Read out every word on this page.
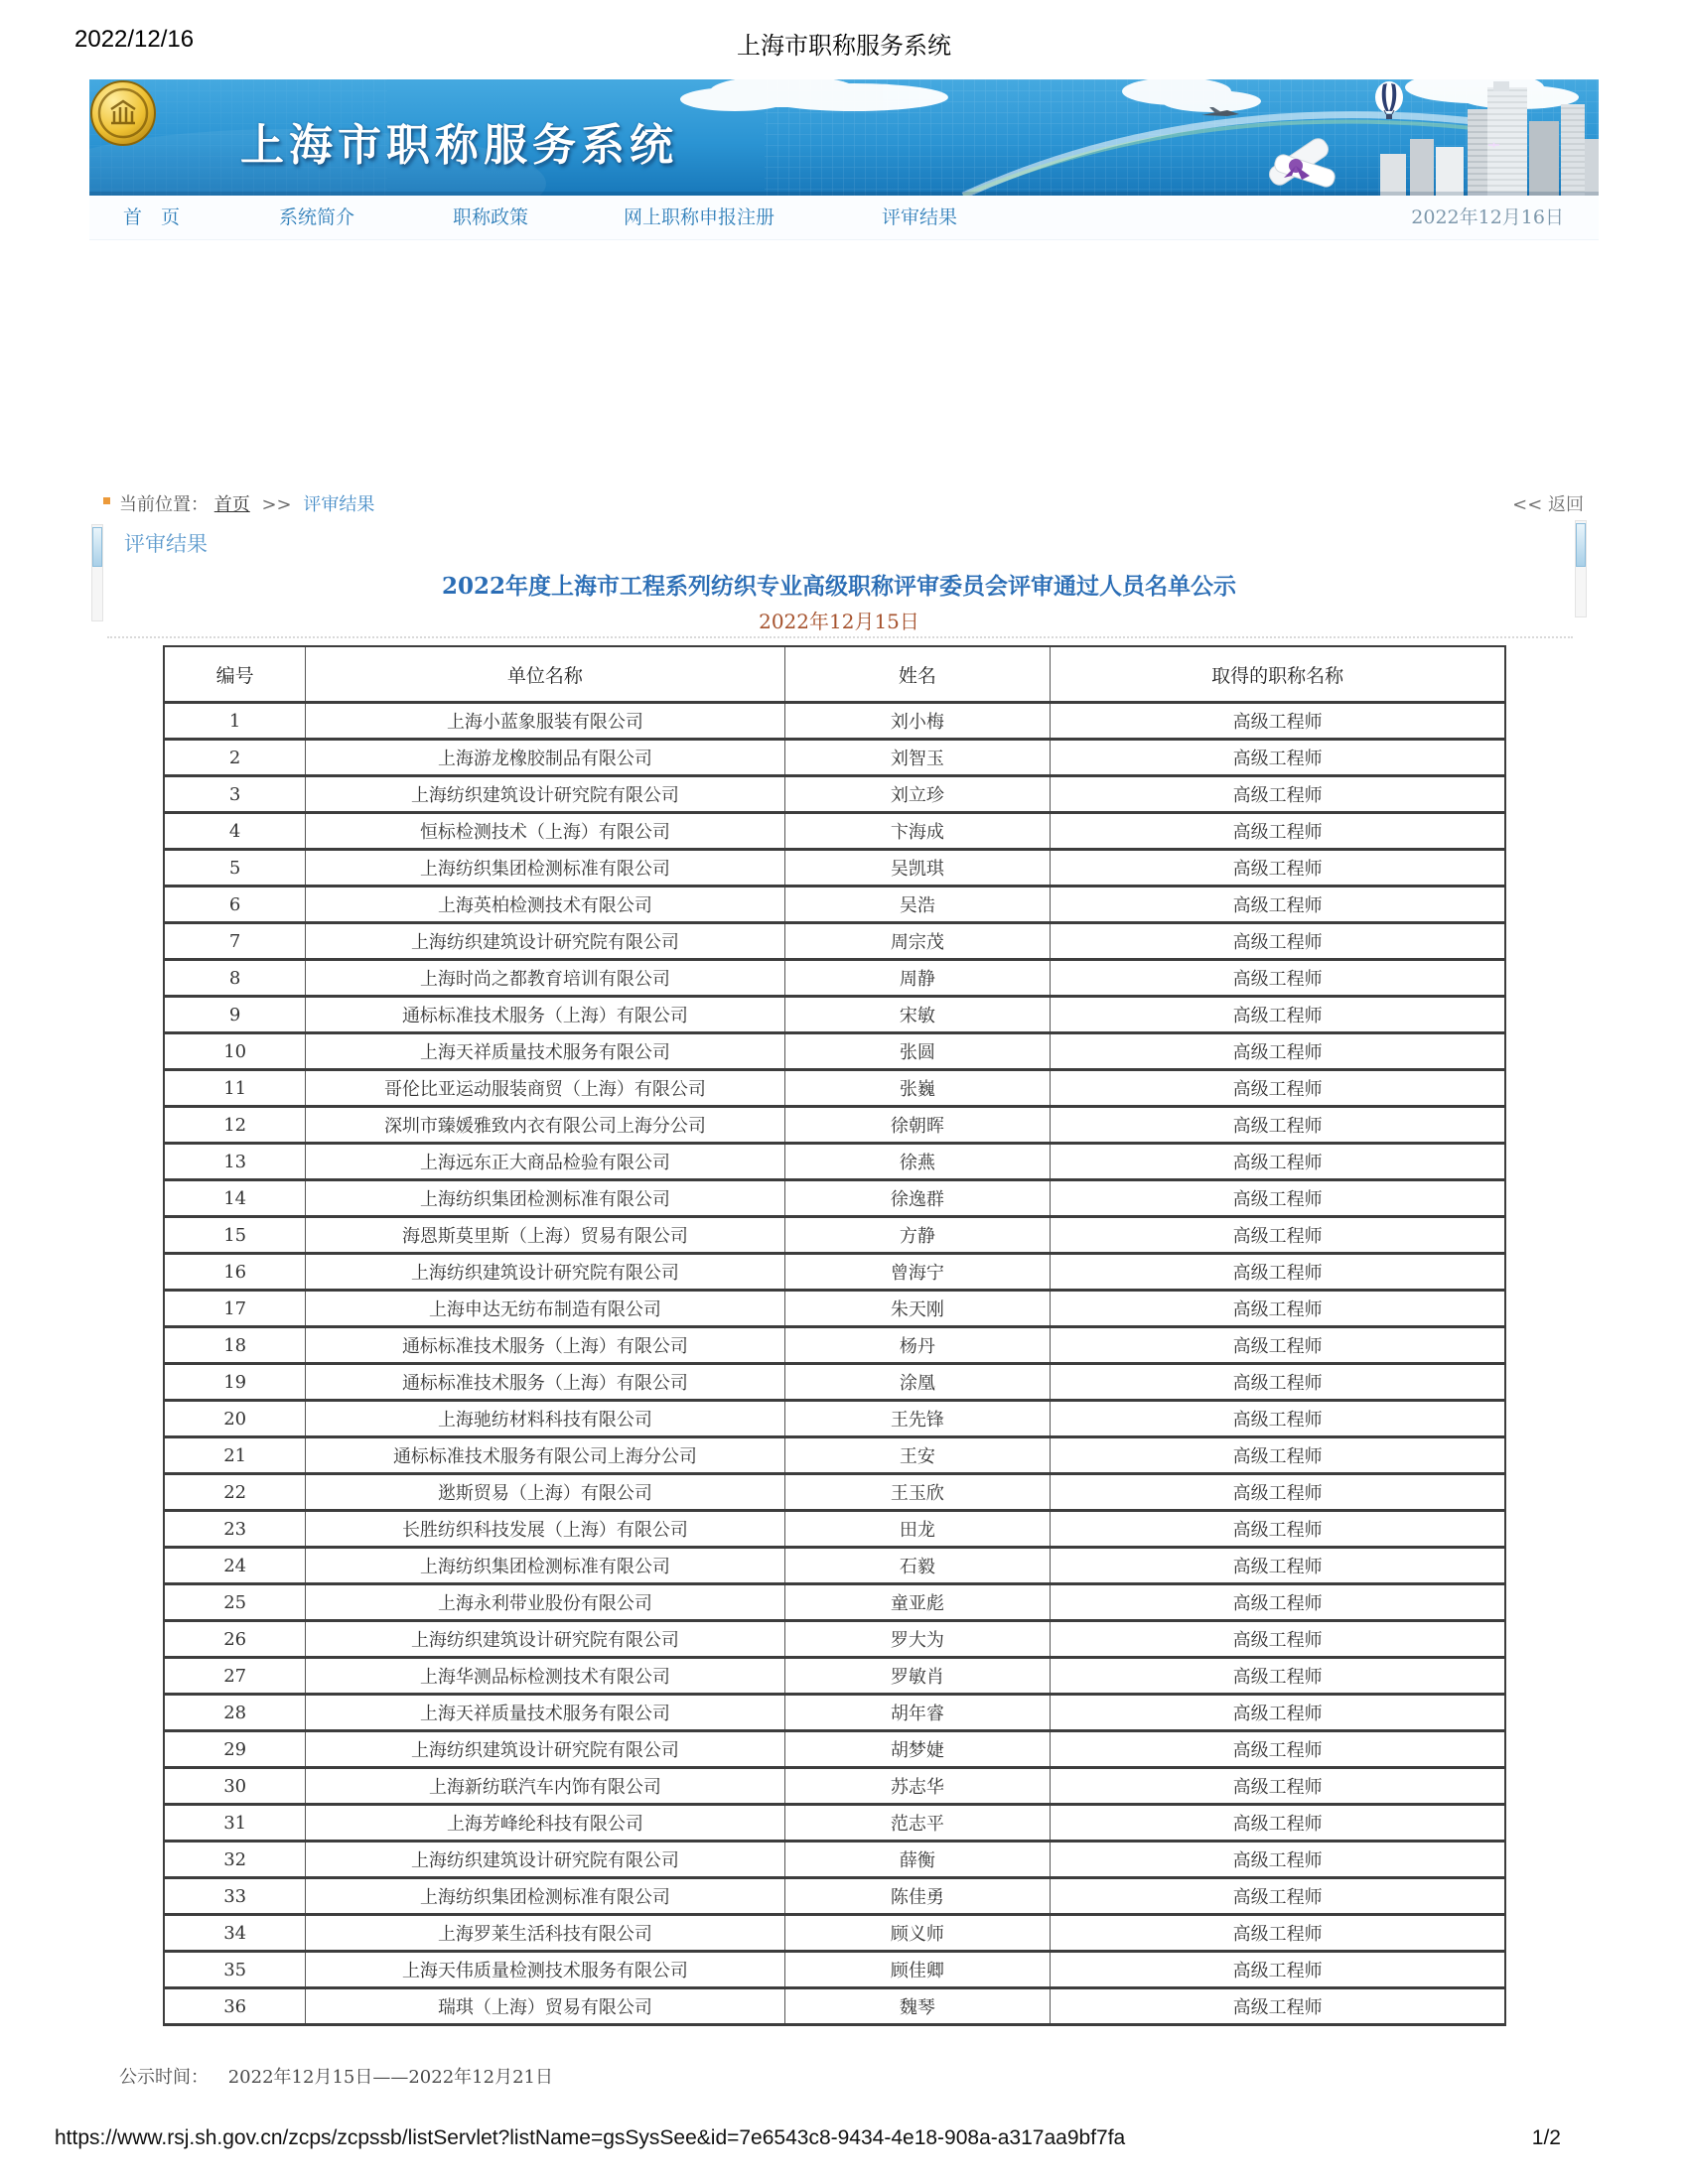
2022/12/16	上海市职称服务系统
上海市职称服务系统
首　页	系统简介	职称政策	网上职称申报注册	评审结果	2022年12月16日
当前位置： 首页 >> 评审结果	<< 返回
评审结果
2022年度上海市工程系列纺织专业高级职称评审委员会评审通过人员名单公示
2022年12月15日
编号	单位名称	姓名	取得的职称名称
1	上海小蓝象服装有限公司	刘小梅	高级工程师
2	上海游龙橡胶制品有限公司	刘智玉	高级工程师
3	上海纺织建筑设计研究院有限公司	刘立珍	高级工程师
4	恒标检测技术（上海）有限公司	卞海成	高级工程师
5	上海纺织集团检测标准有限公司	吴凯琪	高级工程师
6	上海英柏检测技术有限公司	吴浩	高级工程师
7	上海纺织建筑设计研究院有限公司	周宗茂	高级工程师
8	上海时尚之都教育培训有限公司	周静	高级工程师
9	通标标准技术服务（上海）有限公司	宋敏	高级工程师
10	上海天祥质量技术服务有限公司	张圆	高级工程师
11	哥伦比亚运动服装商贸（上海）有限公司	张巍	高级工程师
12	深圳市臻媛雅致内衣有限公司上海分公司	徐朝晖	高级工程师
13	上海远东正大商品检验有限公司	徐燕	高级工程师
14	上海纺织集团检测标准有限公司	徐逸群	高级工程师
15	海恩斯莫里斯（上海）贸易有限公司	方静	高级工程师
16	上海纺织建筑设计研究院有限公司	曾海宁	高级工程师
17	上海申达无纺布制造有限公司	朱天刚	高级工程师
18	通标标准技术服务（上海）有限公司	杨丹	高级工程师
19	通标标准技术服务（上海）有限公司	涂凰	高级工程师
20	上海驰纺材料科技有限公司	王先锋	高级工程师
21	通标标准技术服务有限公司上海分公司	王安	高级工程师
22	逖斯贸易（上海）有限公司	王玉欣	高级工程师
23	长胜纺织科技发展（上海）有限公司	田龙	高级工程师
24	上海纺织集团检测标准有限公司	石毅	高级工程师
25	上海永利带业股份有限公司	童亚彪	高级工程师
26	上海纺织建筑设计研究院有限公司	罗大为	高级工程师
27	上海华测品标检测技术有限公司	罗敏肖	高级工程师
28	上海天祥质量技术服务有限公司	胡年睿	高级工程师
29	上海纺织建筑设计研究院有限公司	胡梦婕	高级工程师
30	上海新纺联汽车内饰有限公司	苏志华	高级工程师
31	上海芳峰纶科技有限公司	范志平	高级工程师
32	上海纺织建筑设计研究院有限公司	薛衡	高级工程师
33	上海纺织集团检测标准有限公司	陈佳勇	高级工程师
34	上海罗莱生活科技有限公司	顾义师	高级工程师
35	上海天伟质量检测技术服务有限公司	顾佳卿	高级工程师
36	瑞琪（上海）贸易有限公司	魏琴	高级工程师
公示时间： 2022年12月15日——2022年12月21日
https://www.rsj.sh.gov.cn/zcps/zcpssb/listServlet?listName=gsSysSee&id=7e6543c8-9434-4e18-908a-a317aa9bf7fa	1/2
